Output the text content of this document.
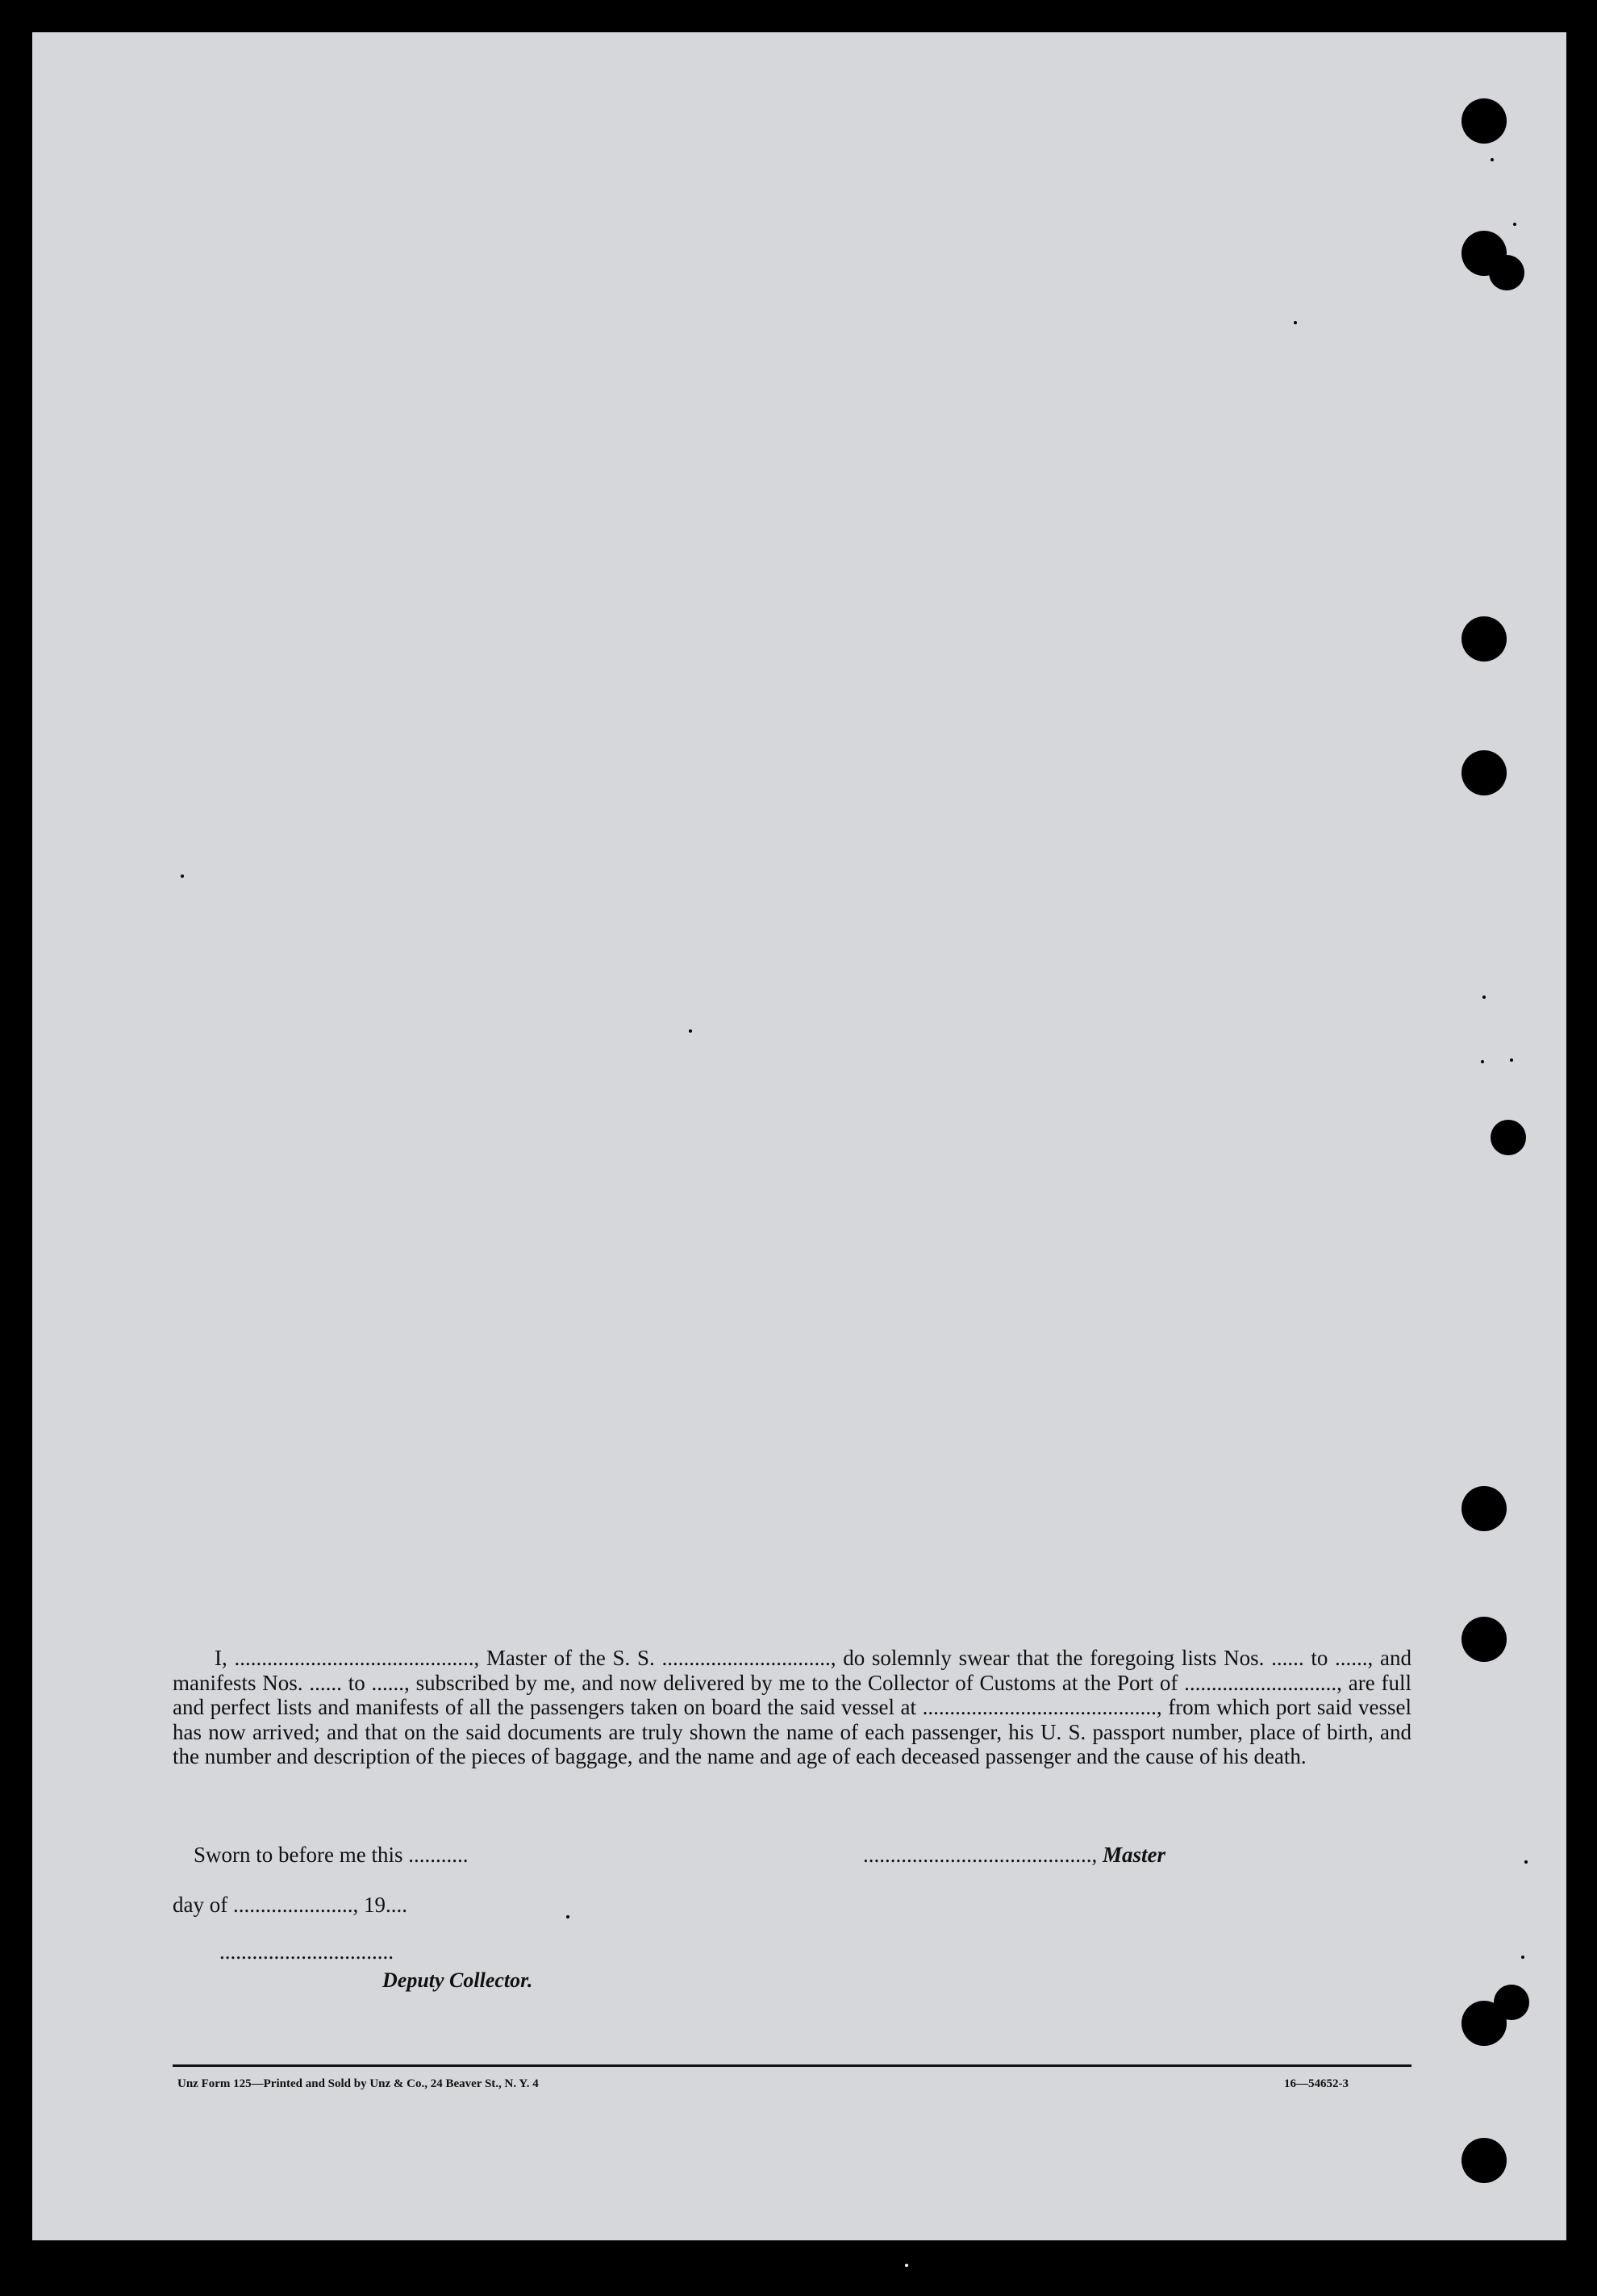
I, ............................................, Master of the S. S. ..............................., do solemnly swear that the foregoing lists Nos. ...... to ......, and manifests Nos. ...... to ......, subscribed by me, and now delivered by me to the Collector of Customs at the Port of ............................, are full and perfect lists and manifests of all the passengers taken on board the said vessel at ..........................................., from which port said vessel has now arrived; and that on the said documents are truly shown the name of each passenger, his U. S. passport number, place of birth, and the number and description of the pieces of baggage, and the name and age of each deceased passenger and the cause of his death.

Sworn to before me this ...........	.........................................., Master
day of ......................, 19....
................................
Deputy Collector.
Unz Form 125—Printed and Sold by Unz & Co., 24 Beaver St., N. Y. 4	16—54652-3
